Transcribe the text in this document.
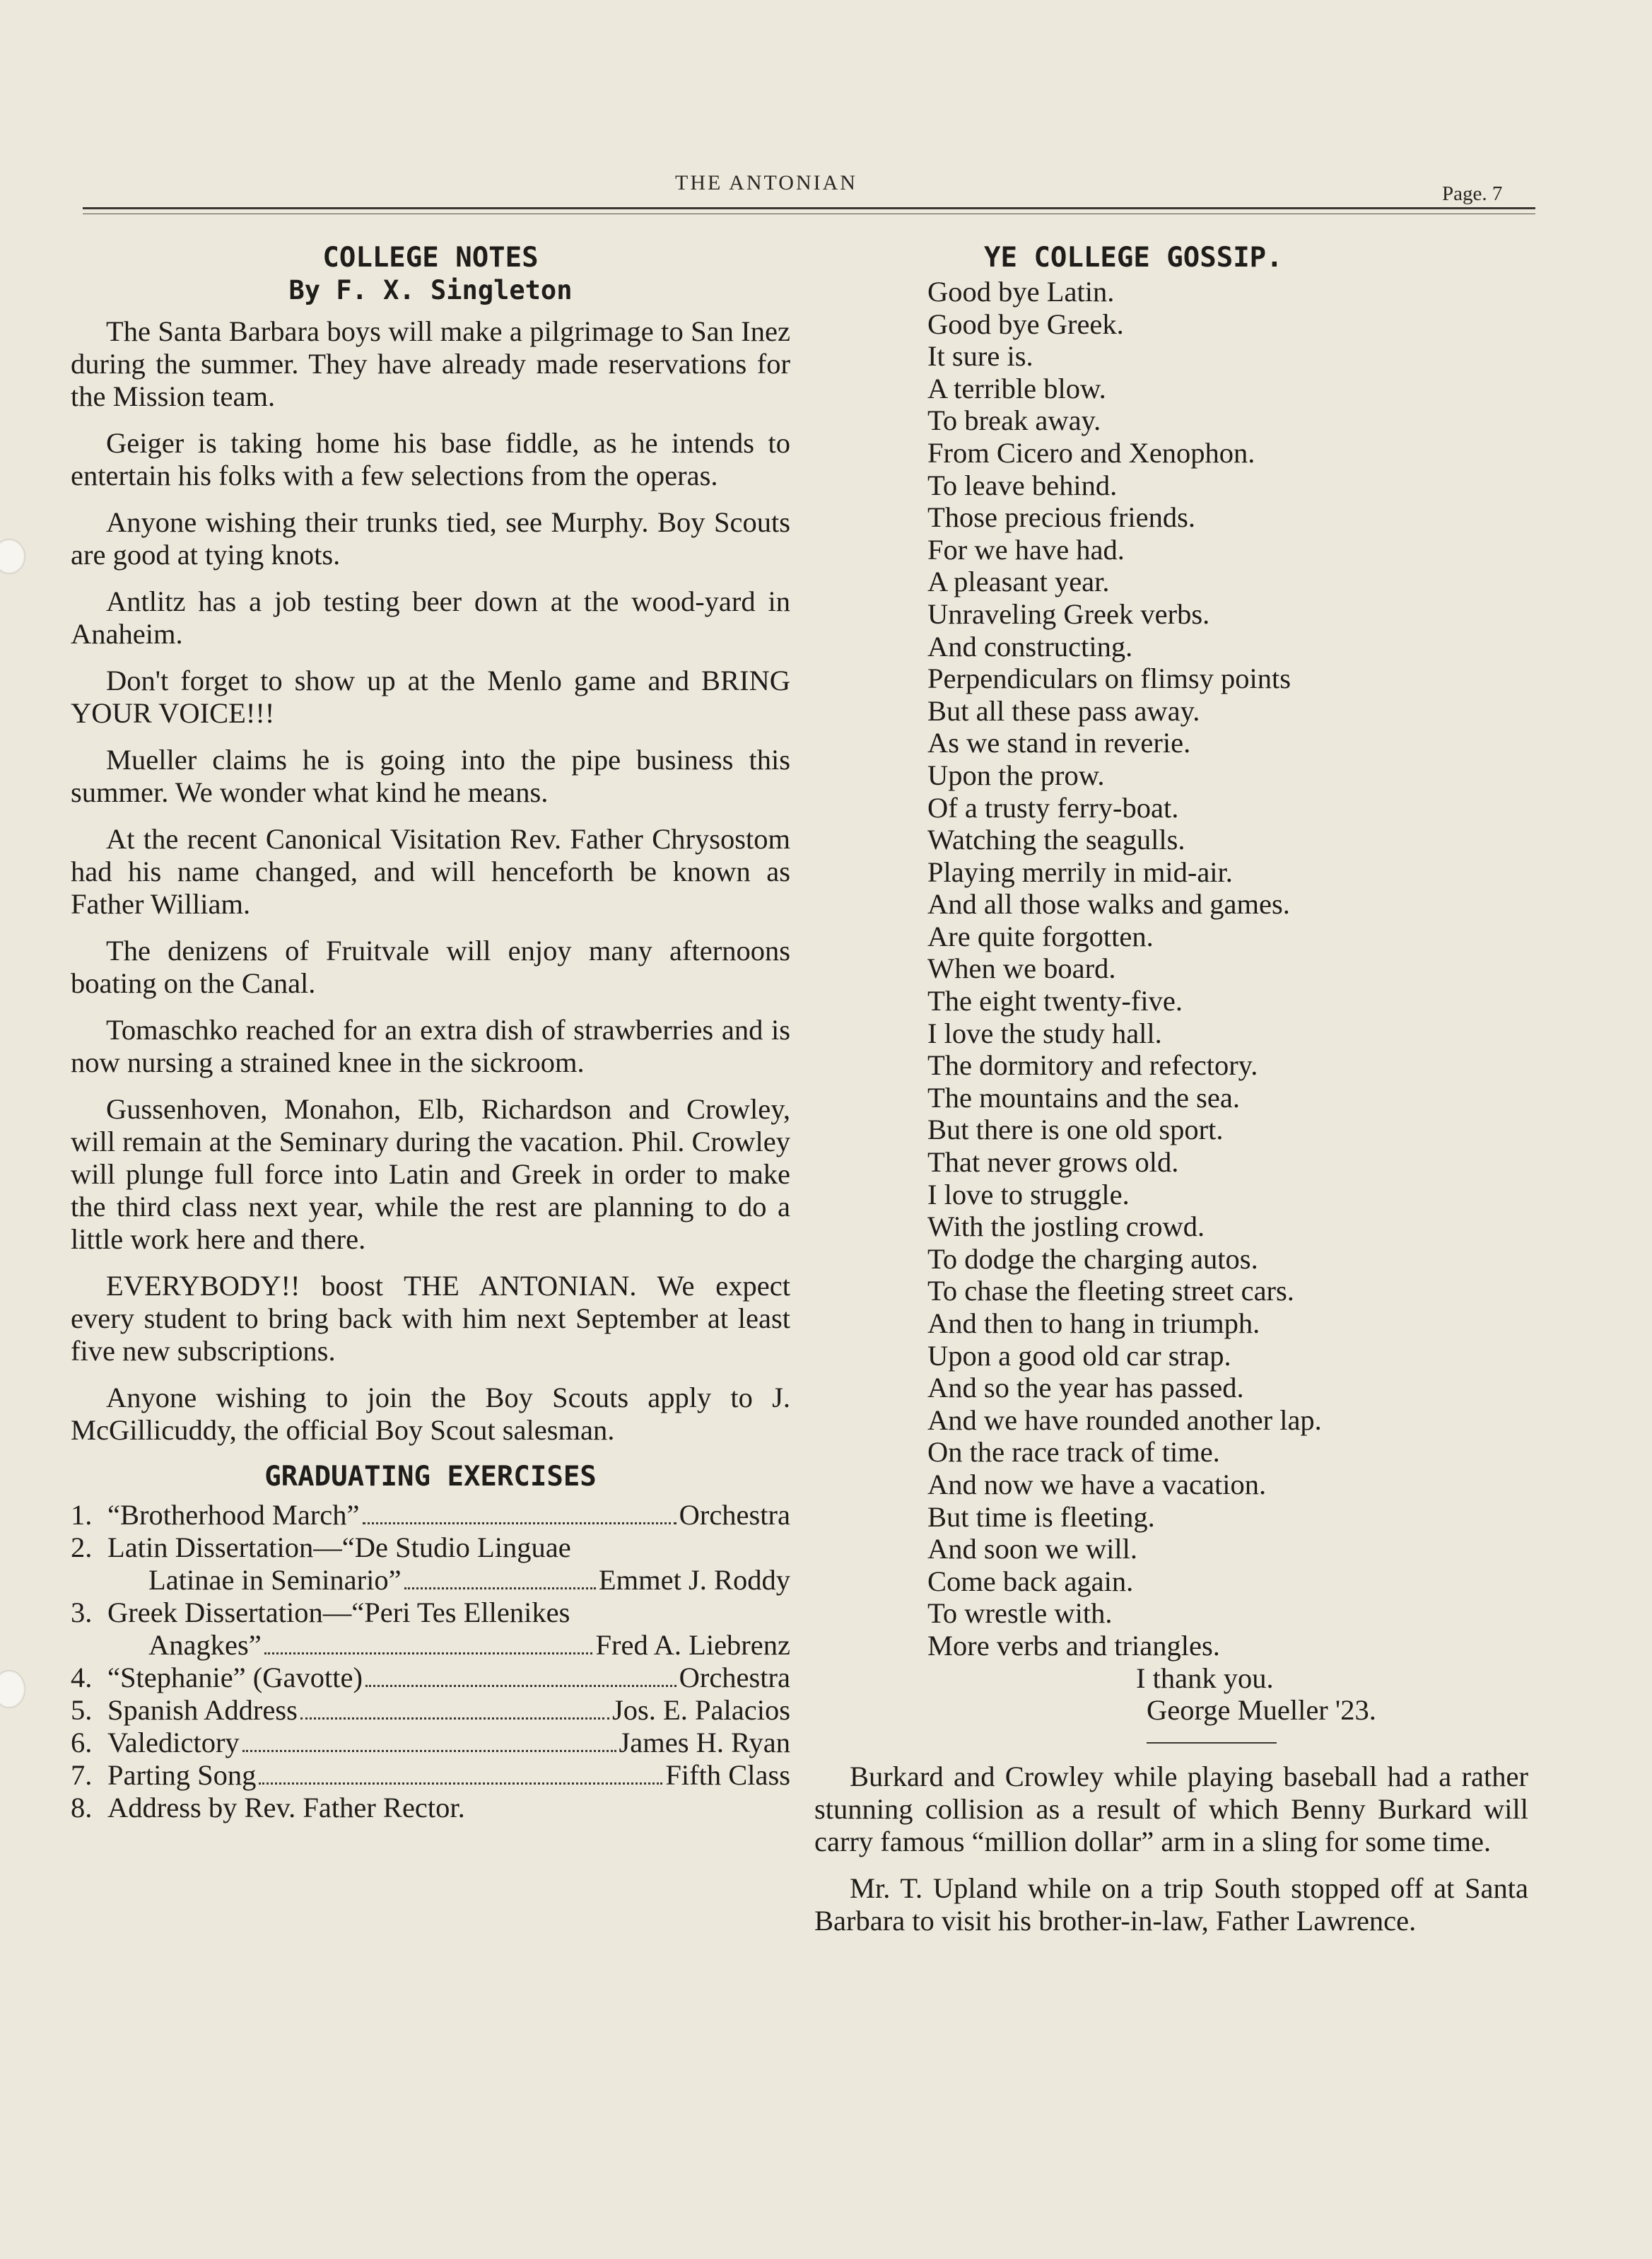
THE ANTONIAN	Page. 7
COLLEGE NOTES
By F. X. Singleton

The Santa Barbara boys will make a pilgrimage to San Inez during the summer. They have already made reservations for the Mission team.

Geiger is taking home his base fiddle, as he intends to entertain his folks with a few selections from the operas.

Anyone wishing their trunks tied, see Murphy. Boy Scouts are good at tying knots.

Antlitz has a job testing beer down at the wood-yard in Anaheim.

Don't forget to show up at the Menlo game and BRING YOUR VOICE!!!

Mueller claims he is going into the pipe business this summer. We wonder what kind he means.

At the recent Canonical Visitation Rev. Father Chrysostom had his name changed, and will henceforth be known as Father William.

The denizens of Fruitvale will enjoy many afternoons boating on the Canal.

Tomaschko reached for an extra dish of strawberries and is now nursing a strained knee in the sickroom.

Gussenhoven, Monahon, Elb, Richardson and Crowley, will remain at the Seminary during the vacation. Phil. Crowley will plunge full force into Latin and Greek in order to make the third class next year, while the rest are planning to do a little work here and there.

EVERYBODY!! boost THE ANTONIAN. We expect every student to bring back with him next September at least five new subscriptions.

Anyone wishing to join the Boy Scouts apply to J. McGillicuddy, the official Boy Scout salesman.

GRADUATING EXERCISES
1. “Brotherhood March”	Orchestra
2. Latin Dissertation—“De Studio Linguae
Latinae in Seminario”	Emmet J. Roddy
3. Greek Dissertation—“Peri Tes Ellenikes
Anagkes”	Fred A. Liebrenz
4. “Stephanie” (Gavotte)	Orchestra
5. Spanish Address	Jos. E. Palacios
6. Valedictory	James H. Ryan
7. Parting Song	Fifth Class
8. Address by Rev. Father Rector.
YE COLLEGE GOSSIP.
Good bye Latin.
Good bye Greek.
It sure is.
A terrible blow.
To break away.
From Cicero and Xenophon.
To leave behind.
Those precious friends.
For we have had.
A pleasant year.
Unraveling Greek verbs.
And constructing.
Perpendiculars on flimsy points
But all these pass away.
As we stand in reverie.
Upon the prow.
Of a trusty ferry-boat.
Watching the seagulls.
Playing merrily in mid-air.
And all those walks and games.
Are quite forgotten.
When we board.
The eight twenty-five.
I love the study hall.
The dormitory and refectory.
The mountains and the sea.
But there is one old sport.
That never grows old.
I love to struggle.
With the jostling crowd.
To dodge the charging autos.
To chase the fleeting street cars.
And then to hang in triumph.
Upon a good old car strap.
And so the year has passed.
And we have rounded another lap.
On the race track of time.
And now we have a vacation.
But time is fleeting.
And soon we will.
Come back again.
To wrestle with.
More verbs and triangles.
I thank you.
George Mueller '23.

Burkard and Crowley while playing baseball had a rather stunning collision as a result of which Benny Burkard will carry famous “million dollar” arm in a sling for some time.

Mr. T. Upland while on a trip South stopped off at Santa Barbara to visit his brother-in-law, Father Lawrence.
